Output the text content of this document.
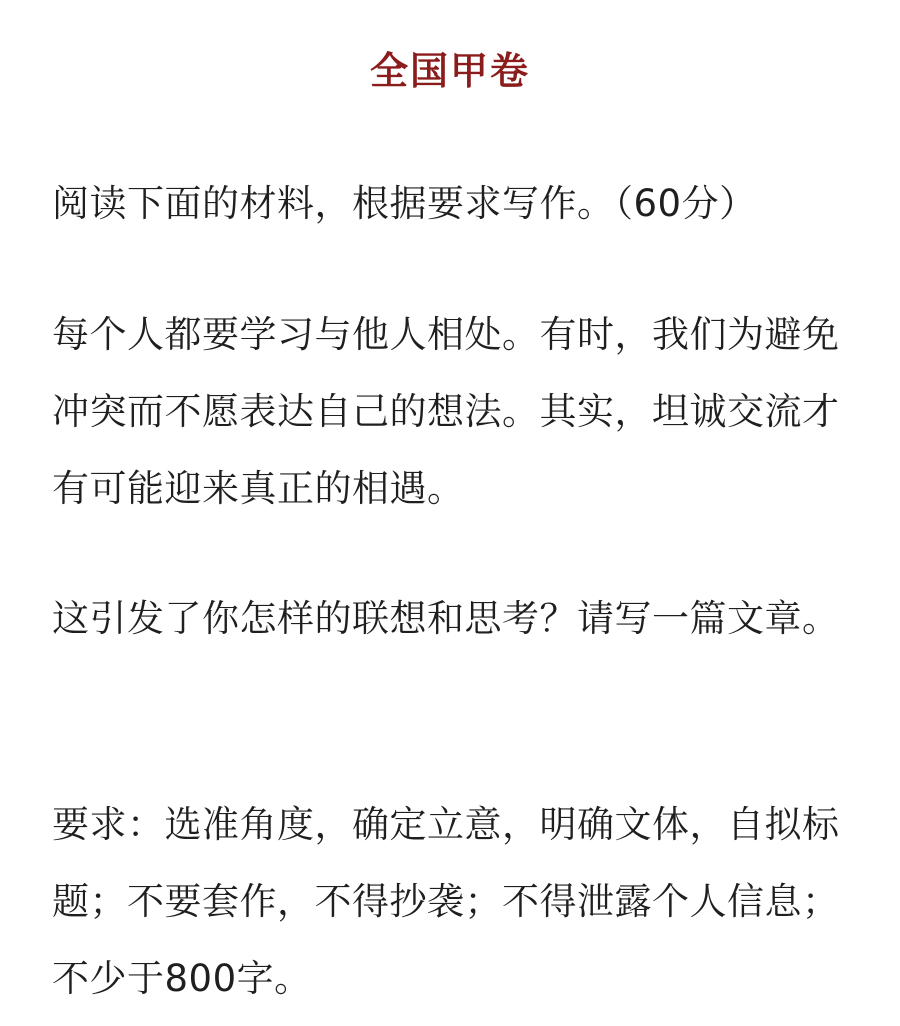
全国甲卷

阅读下面的材料，根据要求写作。（60分）

每个人都要学习与他人相处。有时，我们为避免冲突而不愿表达自己的想法。其实，坦诚交流才有可能迎来真正的相遇。

这引发了你怎样的联想和思考？请写一篇文章。

要求：选准角度，确定立意，明确文体，自拟标题；不要套作，不得抄袭；不得泄露个人信息；不少于800字。
